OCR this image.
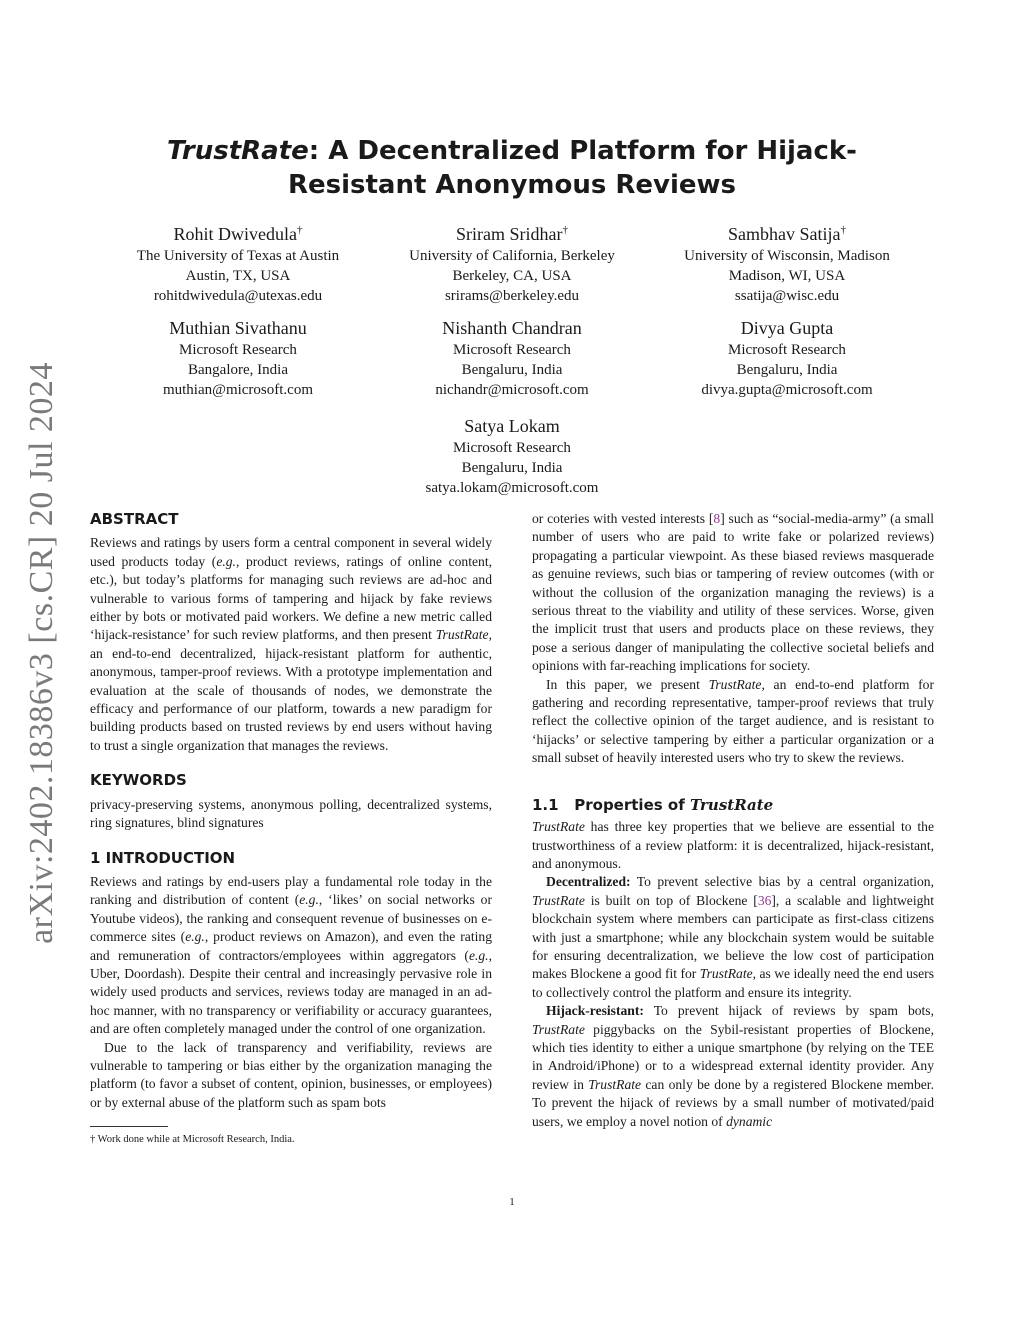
arXiv:2402.18386v3 [cs.CR] 20 Jul 2024
TrustRate: A Decentralized Platform for Hijack-Resistant Anonymous Reviews
Rohit Dwivedula†
The University of Texas at Austin
Austin, TX, USA
rohitdwivedula@utexas.edu
Sriram Sridhar†
University of California, Berkeley
Berkeley, CA, USA
srirams@berkeley.edu
Sambhav Satija†
University of Wisconsin, Madison
Madison, WI, USA
ssatija@wisc.edu
Muthian Sivathanu
Microsoft Research
Bangalore, India
muthian@microsoft.com
Nishanth Chandran
Microsoft Research
Bengaluru, India
nichandr@microsoft.com
Divya Gupta
Microsoft Research
Bengaluru, India
divya.gupta@microsoft.com
Satya Lokam
Microsoft Research
Bengaluru, India
satya.lokam@microsoft.com
ABSTRACT

Reviews and ratings by users form a central component in several widely used products today (e.g., product reviews, ratings of online content, etc.), but today’s platforms for managing such reviews are ad-hoc and vulnerable to various forms of tampering and hijack by fake reviews either by bots or motivated paid workers. We define a new metric called ‘hijack-resistance’ for such review platforms, and then present TrustRate, an end-to-end decentralized, hijack-resistant platform for authentic, anonymous, tamper-proof reviews. With a prototype implementation and evaluation at the scale of thousands of nodes, we demonstrate the efficacy and performance of our platform, towards a new paradigm for building products based on trusted reviews by end users without having to trust a single organization that manages the reviews.

KEYWORDS

privacy-preserving systems, anonymous polling, decentralized systems, ring signatures, blind signatures

1 INTRODUCTION

Reviews and ratings by end-users play a fundamental role today in the ranking and distribution of content (e.g., ‘likes’ on social networks or Youtube videos), the ranking and consequent revenue of businesses on e-commerce sites (e.g., product reviews on Amazon), and even the rating and remuneration of contractors/employees within aggregators (e.g., Uber, Doordash). Despite their central and increasingly pervasive role in widely used products and services, reviews today are managed in an ad-hoc manner, with no transparency or verifiability or accuracy guarantees, and are often completely managed under the control of one organization.

Due to the lack of transparency and verifiability, reviews are vulnerable to tampering or bias either by the organization managing the platform (to favor a subset of content, opinion, businesses, or employees) or by external abuse of the platform such as spam bots

† Work done while at Microsoft Research, India.

or coteries with vested interests [8] such as “social-media-army” (a small number of users who are paid to write fake or polarized reviews) propagating a particular viewpoint. As these biased reviews masquerade as genuine reviews, such bias or tampering of review outcomes (with or without the collusion of the organization managing the reviews) is a serious threat to the viability and utility of these services. Worse, given the implicit trust that users and products place on these reviews, they pose a serious danger of manipulating the collective societal beliefs and opinions with far-reaching implications for society.

In this paper, we present TrustRate, an end-to-end platform for gathering and recording representative, tamper-proof reviews that truly reflect the collective opinion of the target audience, and is resistant to ‘hijacks’ or selective tampering by either a particular organization or a small subset of heavily interested users who try to skew the reviews.

1.1 Properties of TrustRate

TrustRate has three key properties that we believe are essential to the trustworthiness of a review platform: it is decentralized, hijack-resistant, and anonymous.

Decentralized: To prevent selective bias by a central organization, TrustRate is built on top of Blockene [36], a scalable and lightweight blockchain system where members can participate as first-class citizens with just a smartphone; while any blockchain system would be suitable for ensuring decentralization, we believe the low cost of participation makes Blockene a good fit for TrustRate, as we ideally need the end users to collectively control the platform and ensure its integrity.

Hijack-resistant: To prevent hijack of reviews by spam bots, TrustRate piggybacks on the Sybil-resistant properties of Blockene, which ties identity to either a unique smartphone (by relying on the TEE in Android/iPhone) or to a widespread external identity provider. Any review in TrustRate can only be done by a registered Blockene member. To prevent the hijack of reviews by a small number of motivated/paid users, we employ a novel notion of dynamic

1
